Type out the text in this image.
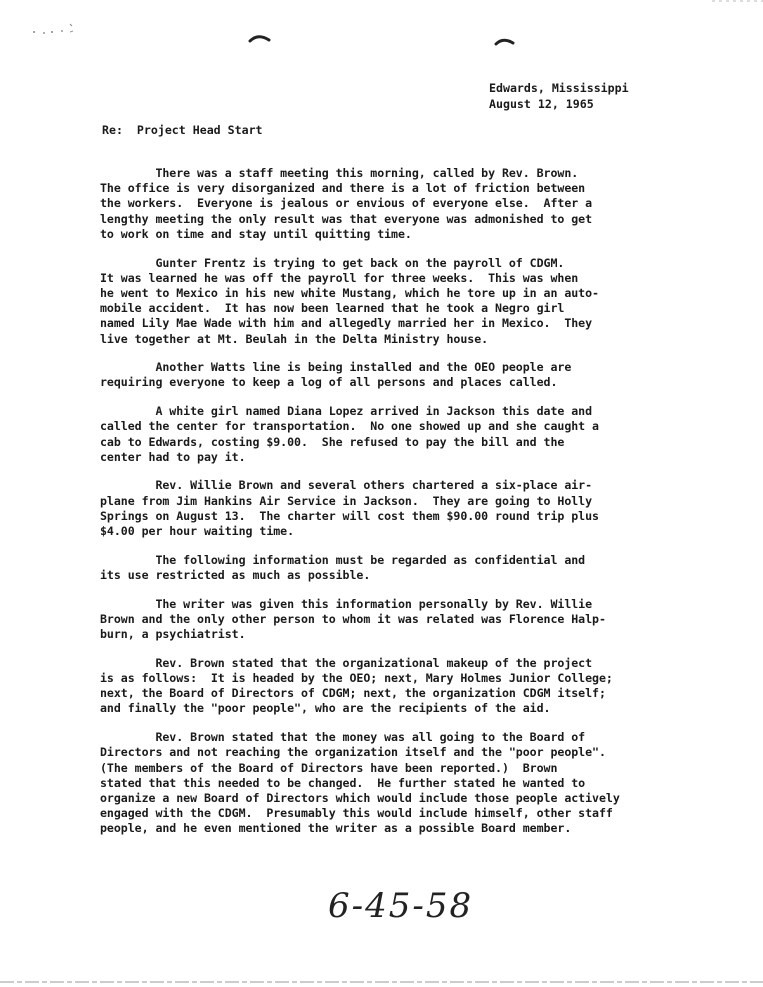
Edwards, Mississippi
August 12, 1965
Re:  Project Head Start
There was a staff meeting this morning, called by Rev. Brown.
The office is very disorganized and there is a lot of friction between
the workers.  Everyone is jealous or envious of everyone else.  After a
lengthy meeting the only result was that everyone was admonished to get
to work on time and stay until quitting time.
Gunter Frentz is trying to get back on the payroll of CDGM.
It was learned he was off the payroll for three weeks.  This was when
he went to Mexico in his new white Mustang, which he tore up in an auto-
mobile accident.  It has now been learned that he took a Negro girl
named Lily Mae Wade with him and allegedly married her in Mexico.  They
live together at Mt. Beulah in the Delta Ministry house.
Another Watts line is being installed and the OEO people are
requiring everyone to keep a log of all persons and places called.
A white girl named Diana Lopez arrived in Jackson this date and
called the center for transportation.  No one showed up and she caught a
cab to Edwards, costing $9.00.  She refused to pay the bill and the
center had to pay it.
Rev. Willie Brown and several others chartered a six-place air-
plane from Jim Hankins Air Service in Jackson.  They are going to Holly
Springs on August 13.  The charter will cost them $90.00 round trip plus
$4.00 per hour waiting time.
The following information must be regarded as confidential and
its use restricted as much as possible.
The writer was given this information personally by Rev. Willie
Brown and the only other person to whom it was related was Florence Halp-
burn, a psychiatrist.
Rev. Brown stated that the organizational makeup of the project
is as follows:  It is headed by the OEO; next, Mary Holmes Junior College;
next, the Board of Directors of CDGM; next, the organization CDGM itself;
and finally the "poor people", who are the recipients of the aid.
Rev. Brown stated that the money was all going to the Board of
Directors and not reaching the organization itself and the "poor people".
(The members of the Board of Directors have been reported.)  Brown
stated that this needed to be changed.  He further stated he wanted to
organize a new Board of Directors which would include those people actively
engaged with the CDGM.  Presumably this would include himself, other staff
people, and he even mentioned the writer as a possible Board member.
6-45-58
